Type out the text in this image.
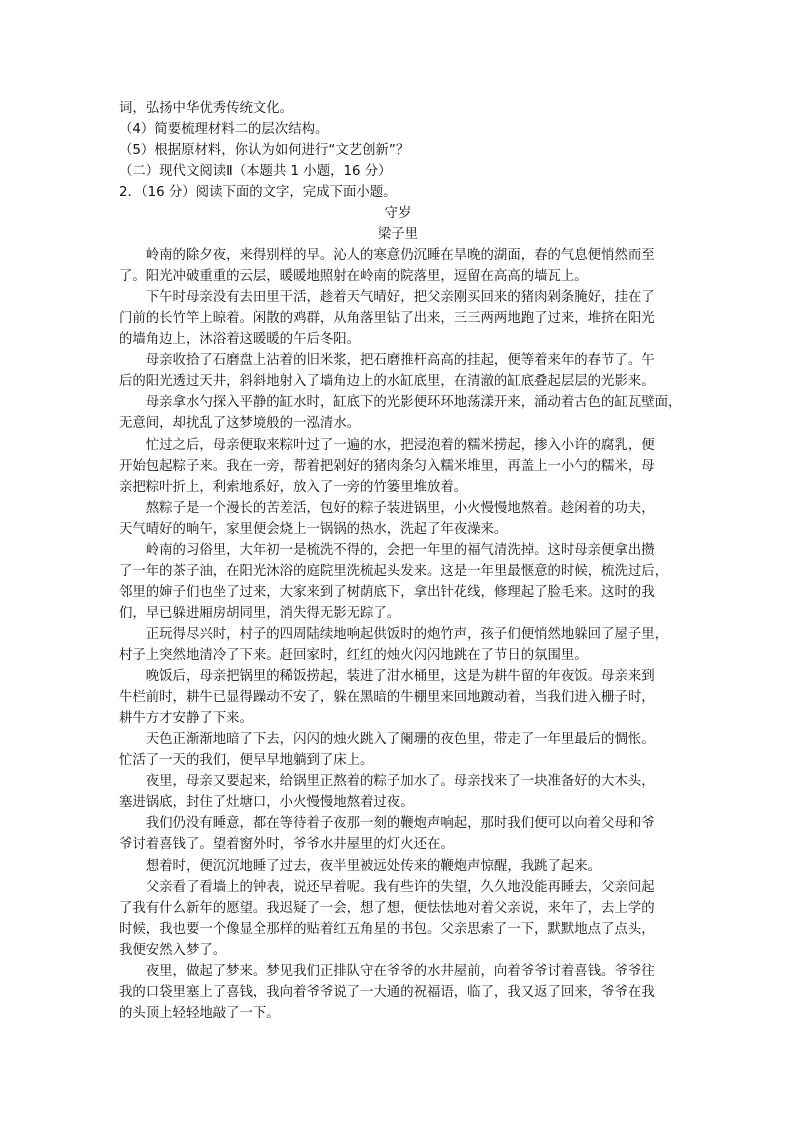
词，弘扬中华优秀传统文化。
（4）简要梳理材料二的层次结构。
（5）根据原材料，你认为如何进行“文艺创新”？
（二）现代文阅读Ⅱ（本题共 1 小题，16 分）
2．（16 分）阅读下面的文字，完成下面小题。
守岁
梁子里
　　岭南的除夕夜，来得别样的早。沁人的寒意仍沉睡在旱晚的湖面，春的气息便悄然而至
了。阳光冲破重重的云层，暖暖地照射在岭南的院落里，逗留在高高的墙瓦上。
　　下午时母亲没有去田里干活，趁着天气晴好，把父亲刚买回来的猪肉剁条腌好，挂在了
门前的长竹竿上晾着。闲散的鸡群，从角落里钻了出来，三三两两地跑了过来，堆挤在阳光
的墙角边上，沐浴着这暖暖的午后冬阳。
　　母亲收拾了石磨盘上沾着的旧米浆，把石磨推杆高高的挂起，便等着来年的春节了。午
后的阳光透过天井，斜斜地射入了墙角边上的水缸底里，在清澈的缸底叠起层层的光影来。
　　母亲拿水勺探入平静的缸水时，缸底下的光影便环环地荡漾开来，涌动着古色的缸瓦壁面，
无意间，却扰乱了这梦境般的一泓清水。
　　忙过之后，母亲便取来粽叶过了一遍的水，把浸泡着的糯米捞起，掺入小许的腐乳，便
开始包起粽子来。我在一旁，帮着把剁好的猪肉条匀入糯米堆里，再盖上一小勺的糯米，母
亲把粽叶折上，利索地系好，放入了一旁的竹篓里堆放着。
　　熬粽子是一个漫长的苦差活，包好的粽子装进锅里，小火慢慢地熬着。趁闲着的功夫，
天气晴好的晌午，家里便会烧上一锅锅的热水，洗起了年夜澡来。
　　岭南的习俗里，大年初一是梳洗不得的，会把一年里的福气清洗掉。这时母亲便拿出攒
了一年的茶子油，在阳光沐浴的庭院里洗梳起头发来。这是一年里最惬意的时候，梳洗过后，
邻里的婶子们也坐了过来，大家来到了树荫底下，拿出针花线，修理起了脸毛来。这时的我
们，早已躲进厢房胡同里，消失得无影无踪了。
　　正玩得尽兴时，村子的四周陆续地响起供饭时的炮竹声，孩子们便悄然地躲回了屋子里，
村子上突然地清冷了下来。赶回家时，红红的烛火闪闪地跳在了节日的氛围里。
　　晚饭后，母亲把锅里的稀饭捞起，装进了泔水桶里，这是为耕牛留的年夜饭。母亲来到
牛栏前时，耕牛已显得躁动不安了，躲在黑暗的牛棚里来回地踱动着，当我们进入栅子时，
耕牛方才安静了下来。
　　天色正渐渐地暗了下去，闪闪的烛火跳入了阑珊的夜色里，带走了一年里最后的惆怅。
忙活了一天的我们，便早早地躺到了床上。
　　夜里，母亲又要起来，给锅里正熬着的粽子加水了。母亲找来了一块准备好的大木头，
塞进锅底，封住了灶塘口，小火慢慢地熬着过夜。
　　我们仍没有睡意，都在等待着子夜那一刻的鞭炮声响起，那时我们便可以向着父母和爷
爷讨着喜钱了。望着窗外时，爷爷水井屋里的灯火还在。
　　想着时，便沉沉地睡了过去，夜半里被远处传来的鞭炮声惊醒，我跳了起来。
　　父亲看了看墙上的钟表，说还早着呢。我有些许的失望，久久地没能再睡去，父亲问起
了我有什么新年的愿望。我迟疑了一会，想了想，便怯怯地对着父亲说，来年了，去上学的
时候，我也要一个像显全那样的贴着红五角星的书包。父亲思索了一下，默默地点了点头，
我便安然入梦了。
　　夜里，做起了梦来。梦见我们正排队守在爷爷的水井屋前，向着爷爷讨着喜钱。爷爷往
我的口袋里塞上了喜钱，我向着爷爷说了一大通的祝福语，临了，我又返了回来，爷爷在我
的头顶上轻轻地敲了一下。
